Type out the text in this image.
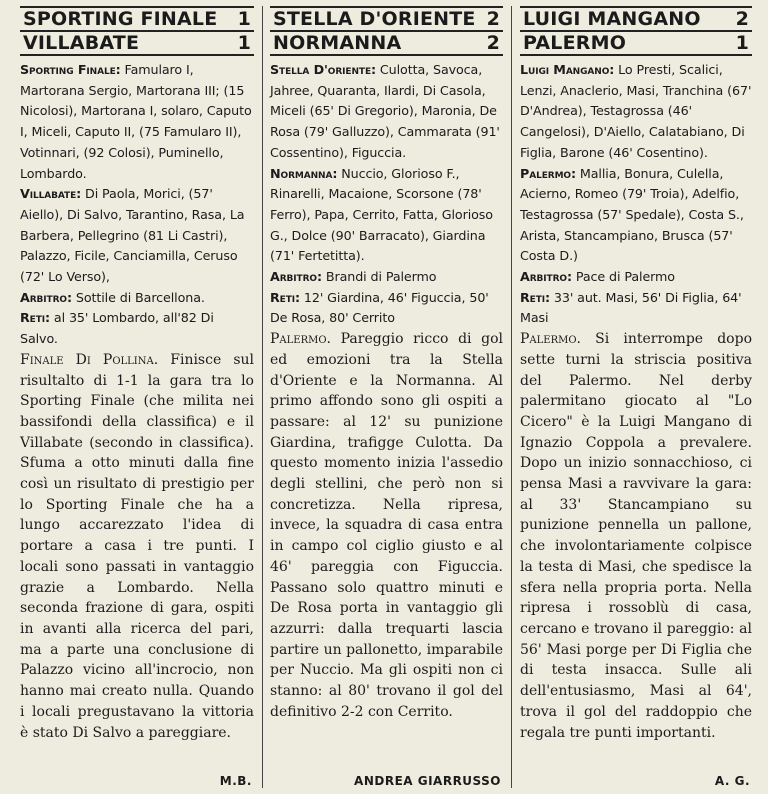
SPORTING FINALE 1
VILLABATE	1

Sporting Finale: Famularo I, Martorana Sergio, Martorana III; (15 Nicolosi), Martorana I, solaro, Caputo I, Miceli, Caputo II, (75 Famularo II), Votinnari, (92 Colosi), Puminello, Lombardo.

Villabate: Di Paola, Morici, (57' Aiello), Di Salvo, Tarantino, Rasa, La Barbera, Pellegrino (81 Li Castri), Palazzo, Ficile, Canciamilla, Ceruso (72' Lo Verso),

Arbitro: Sottile di Barcellona.

Reti: al 35' Lombardo, all'82 Di Salvo.

Finale Di Pollina. Finisce sul risultalto di 1-1 la gara tra lo Sporting Finale (che milita nei bassifondi della classifica) e il Villabate (secondo in classifica). Sfuma a otto minuti dalla fine così un risultato di prestigio per lo Sporting Finale che ha a lungo accarezzato l'idea di portare a casa i tre punti. I locali sono passati in vantaggio grazie a Lombardo. Nella seconda frazione di gara, ospiti in avanti alla ricerca del pari, ma a parte una conclusione di Palazzo vicino all'incrocio, non hanno mai creato nulla. Quando i locali pregustavano la vittoria è stato Di Salvo a pareggiare.

M.B.
STELLA D'ORIENTE 2
NORMANNA	2

Stella D'oriente: Culotta, Savoca, Jahree, Quaranta, Ilardi, Di Casola, Miceli (65' Di Gregorio), Maronia, De Rosa (79' Galluzzo), Cammarata (91' Cossentino), Figuccia.

Normanna: Nuccio, Glorioso F., Rinarelli, Macaione, Scorsone (78' Ferro), Papa, Cerrito, Fatta, Glorioso G., Dolce (90' Barracato), Giardina (71' Fertetitta).

Arbitro: Brandi di Palermo

Reti: 12' Giardina, 46' Figuccia, 50' De Rosa, 80' Cerrito

Palermo. Pareggio ricco di gol ed emozioni tra la Stella d'Oriente e la Normanna. Al primo affondo sono gli ospiti a passare: al 12' su punizione Giardina, trafigge Culotta. Da questo momento inizia l'assedio degli stellini, che però non si concretizza. Nella ripresa, invece, la squadra di casa entra in campo col ciglio giusto e al 46' pareggia con Figuccia. Passano solo quattro minuti e De Rosa porta in vantaggio gli azzurri: dalla trequarti lascia partire un pallonetto, imparabile per Nuccio. Ma gli ospiti non ci stanno: al 80' trovano il gol del definitivo 2-2 con Cerrito.

ANDREA GIARRUSSO
LUIGI MANGANO 2
PALERMO	1

Luigi Mangano: Lo Presti, Scalici, Lenzi, Anaclerio, Masi, Tranchina (67' D'Andrea), Testagrossa (46' Cangelosi), D'Aiello, Calatabiano, Di Figlia, Barone (46' Cosentino).

Palermo: Mallia, Bonura, Culella, Acierno, Romeo (79' Troia), Adelfio, Testagrossa (57' Spedale), Costa S., Arista, Stancampiano, Brusca (57' Costa D.)

Arbitro: Pace di Palermo

Reti: 33' aut. Masi, 56' Di Figlia, 64' Masi

Palermo. Si interrompe dopo sette turni la striscia positiva del Palermo. Nel derby palermitano giocato al "Lo Cicero" è la Luigi Mangano di Ignazio Coppola a prevalere. Dopo un inizio sonnacchioso, ci pensa Masi a ravvivare la gara: al 33' Stancampiano su punizione pennella un pallone, che involontariamente colpisce la testa di Masi, che spedisce la sfera nella propria porta. Nella ripresa i rossoblù di casa, cercano e trovano il pareggio: al 56' Masi porge per Di Figlia che di testa insacca. Sulle ali dell'entusiasmo, Masi al 64', trova il gol del raddoppio che regala tre punti importanti.

A. G.
